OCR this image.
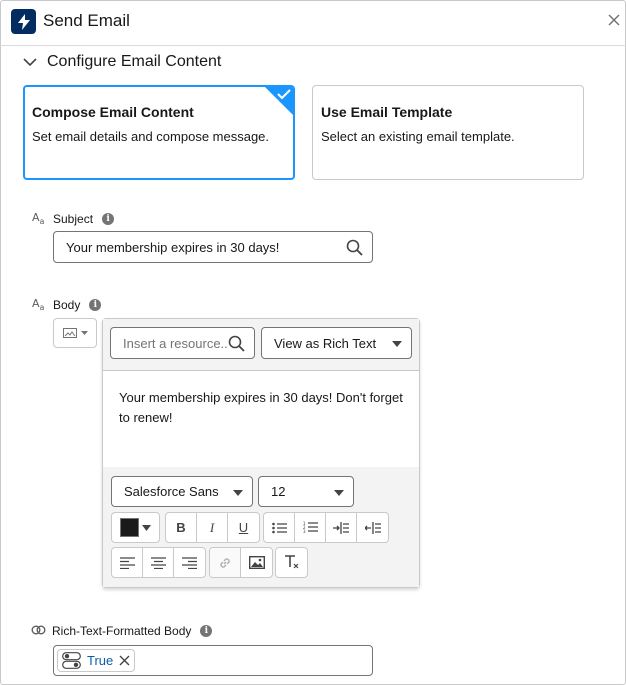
Send Email
Configure Email Content
Compose Email Content
Set email details and compose message.
Use Email Template
Select an existing email template.
$A_a$ Subject	i
Your membership expires in 30 days!
$A_a$ Body	i
Insert a resource...	View as Rich Text
Your membership expires in 30 days! Don't forget to renew!
Salesforce Sans	12
B I U	1
2
3
Rich-Text-Formatted Body	i
True
